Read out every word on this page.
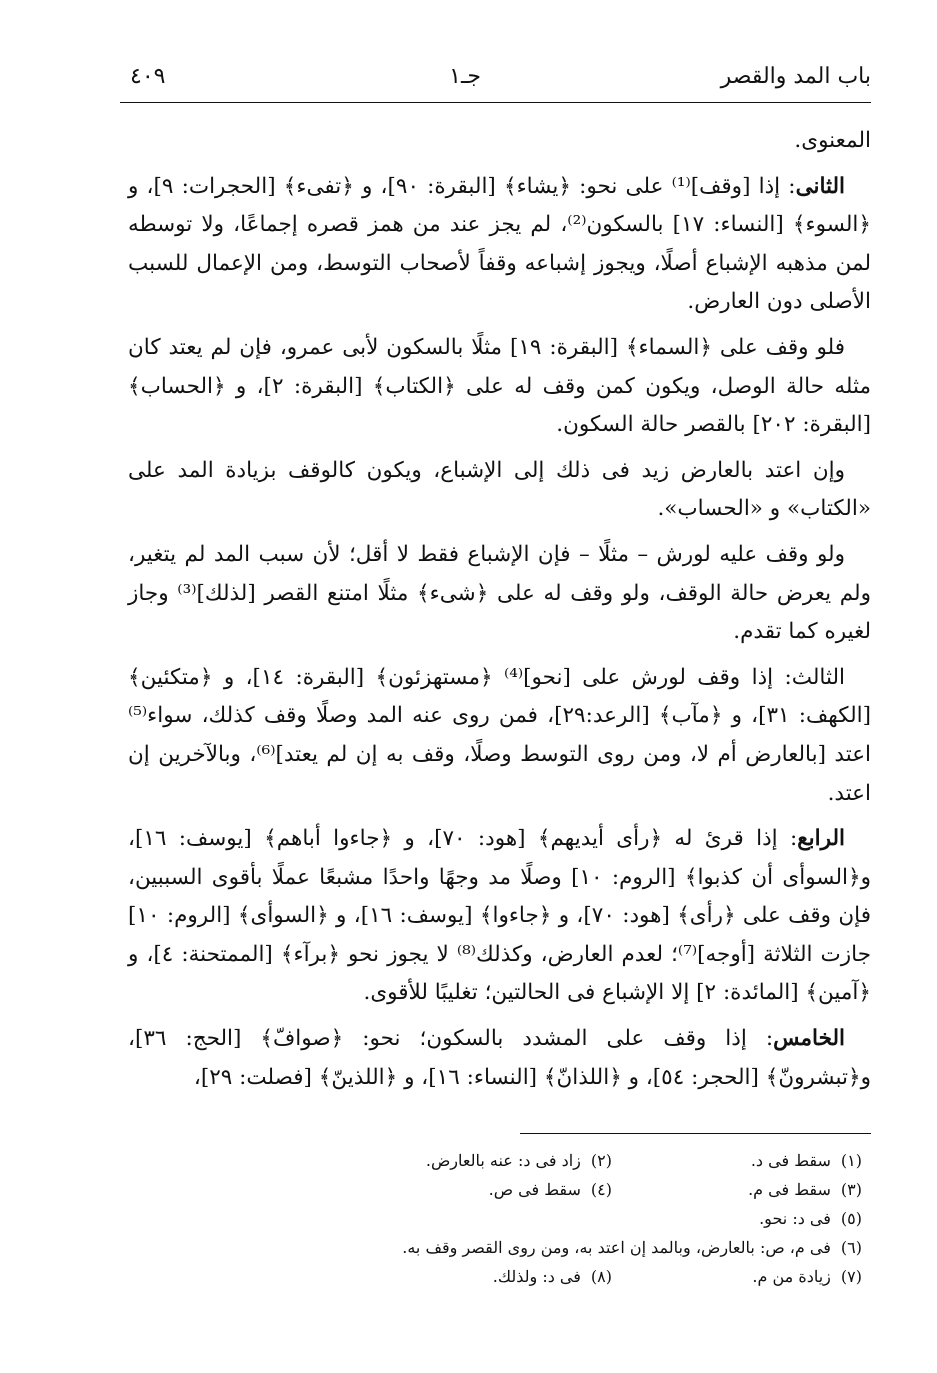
باب المد والقصر
جـ١
٤٠٩

المعنوى.

الثانى: إذا [وقف]⁽¹⁾ على نحو: ﴿يشاء﴾ [البقرة: ٩٠]، و ﴿تفىء﴾ [الحجرات: ٩]، و ﴿السوء﴾ [النساء: ١٧] بالسكون⁽²⁾، لم يجز عند من همز قصره إجماعًا، ولا توسطه لمن مذهبه الإشباع أصلًا، ويجوز إشباعه وقفاً لأصحاب التوسط، ومن الإعمال للسبب الأصلى دون العارض.

فلو وقف على ﴿السماء﴾ [البقرة: ١٩] مثلًا بالسكون لأبى عمرو، فإن لم يعتد كان مثله حالة الوصل، ويكون كمن وقف له على ﴿الكتاب﴾ [البقرة: ٢]، و ﴿الحساب﴾ [البقرة: ٢٠٢] بالقصر حالة السكون.

وإن اعتد بالعارض زيد فى ذلك إلى الإشباع، ويكون كالوقف بزيادة المد على «الكتاب» و «الحساب».

ولو وقف عليه لورش – مثلًا – فإن الإشباع فقط لا أقل؛ لأن سبب المد لم يتغير، ولم يعرض حالة الوقف، ولو وقف له على ﴿شىء﴾ مثلًا امتنع القصر [لذلك]⁽³⁾ وجاز لغيره كما تقدم.

الثالث: إذا وقف لورش على [نحو]⁽⁴⁾ ﴿مستهزئون﴾ [البقرة: ١٤]، و ﴿متكئين﴾ [الكهف: ٣١]، و ﴿مآب﴾ [الرعد:٢٩]، فمن روى عنه المد وصلًا وقف كذلك، سواء⁽⁵⁾ اعتد [بالعارض أم لا، ومن روى التوسط وصلًا، وقف به إن لم يعتد]⁽⁶⁾، وبالآخرين إن اعتد.

الرابع: إذا قرئ له ﴿رأى أيديهم﴾ [هود: ٧٠]، و ﴿جاءوا أباهم﴾ [يوسف: ١٦]، و﴿السوأى أن كذبوا﴾ [الروم: ١٠] وصلًا مد وجهًا واحدًا مشبعًا عملًا بأقوى السببين، فإن وقف على ﴿رأى﴾ [هود: ٧٠]، و ﴿جاءوا﴾ [يوسف: ١٦]، و ﴿السوأى﴾ [الروم: ١٠] جازت الثلاثة [أوجه]⁽⁷⁾؛ لعدم العارض، وكذلك⁽⁸⁾ لا يجوز نحو ﴿برآء﴾ [الممتحنة: ٤]، و ﴿آمين﴾ [المائدة: ٢] إلا الإشباع فى الحالتين؛ تغليبًا للأقوى.

الخامس: إذا وقف على المشدد بالسكون؛ نحو: ﴿صوافّ﴾ [الحج: ٣٦]، و﴿تبشرونّ﴾ [الحجر: ٥٤]، و ﴿اللذانّ﴾ [النساء: ١٦]، و ﴿اللذينّ﴾ [فصلت: ٢٩]،

(١)سقط فى د.
(٢)زاد فى د: عنه بالعارض.
(٣)سقط فى م.
(٤)سقط فى ص.
(٥)فى د: نحو.
(٦)فى م، ص: بالعارض، وبالمد إن اعتد به، ومن روى القصر وقف به.
(٧)زيادة من م.
(٨)فى د: ولذلك.
